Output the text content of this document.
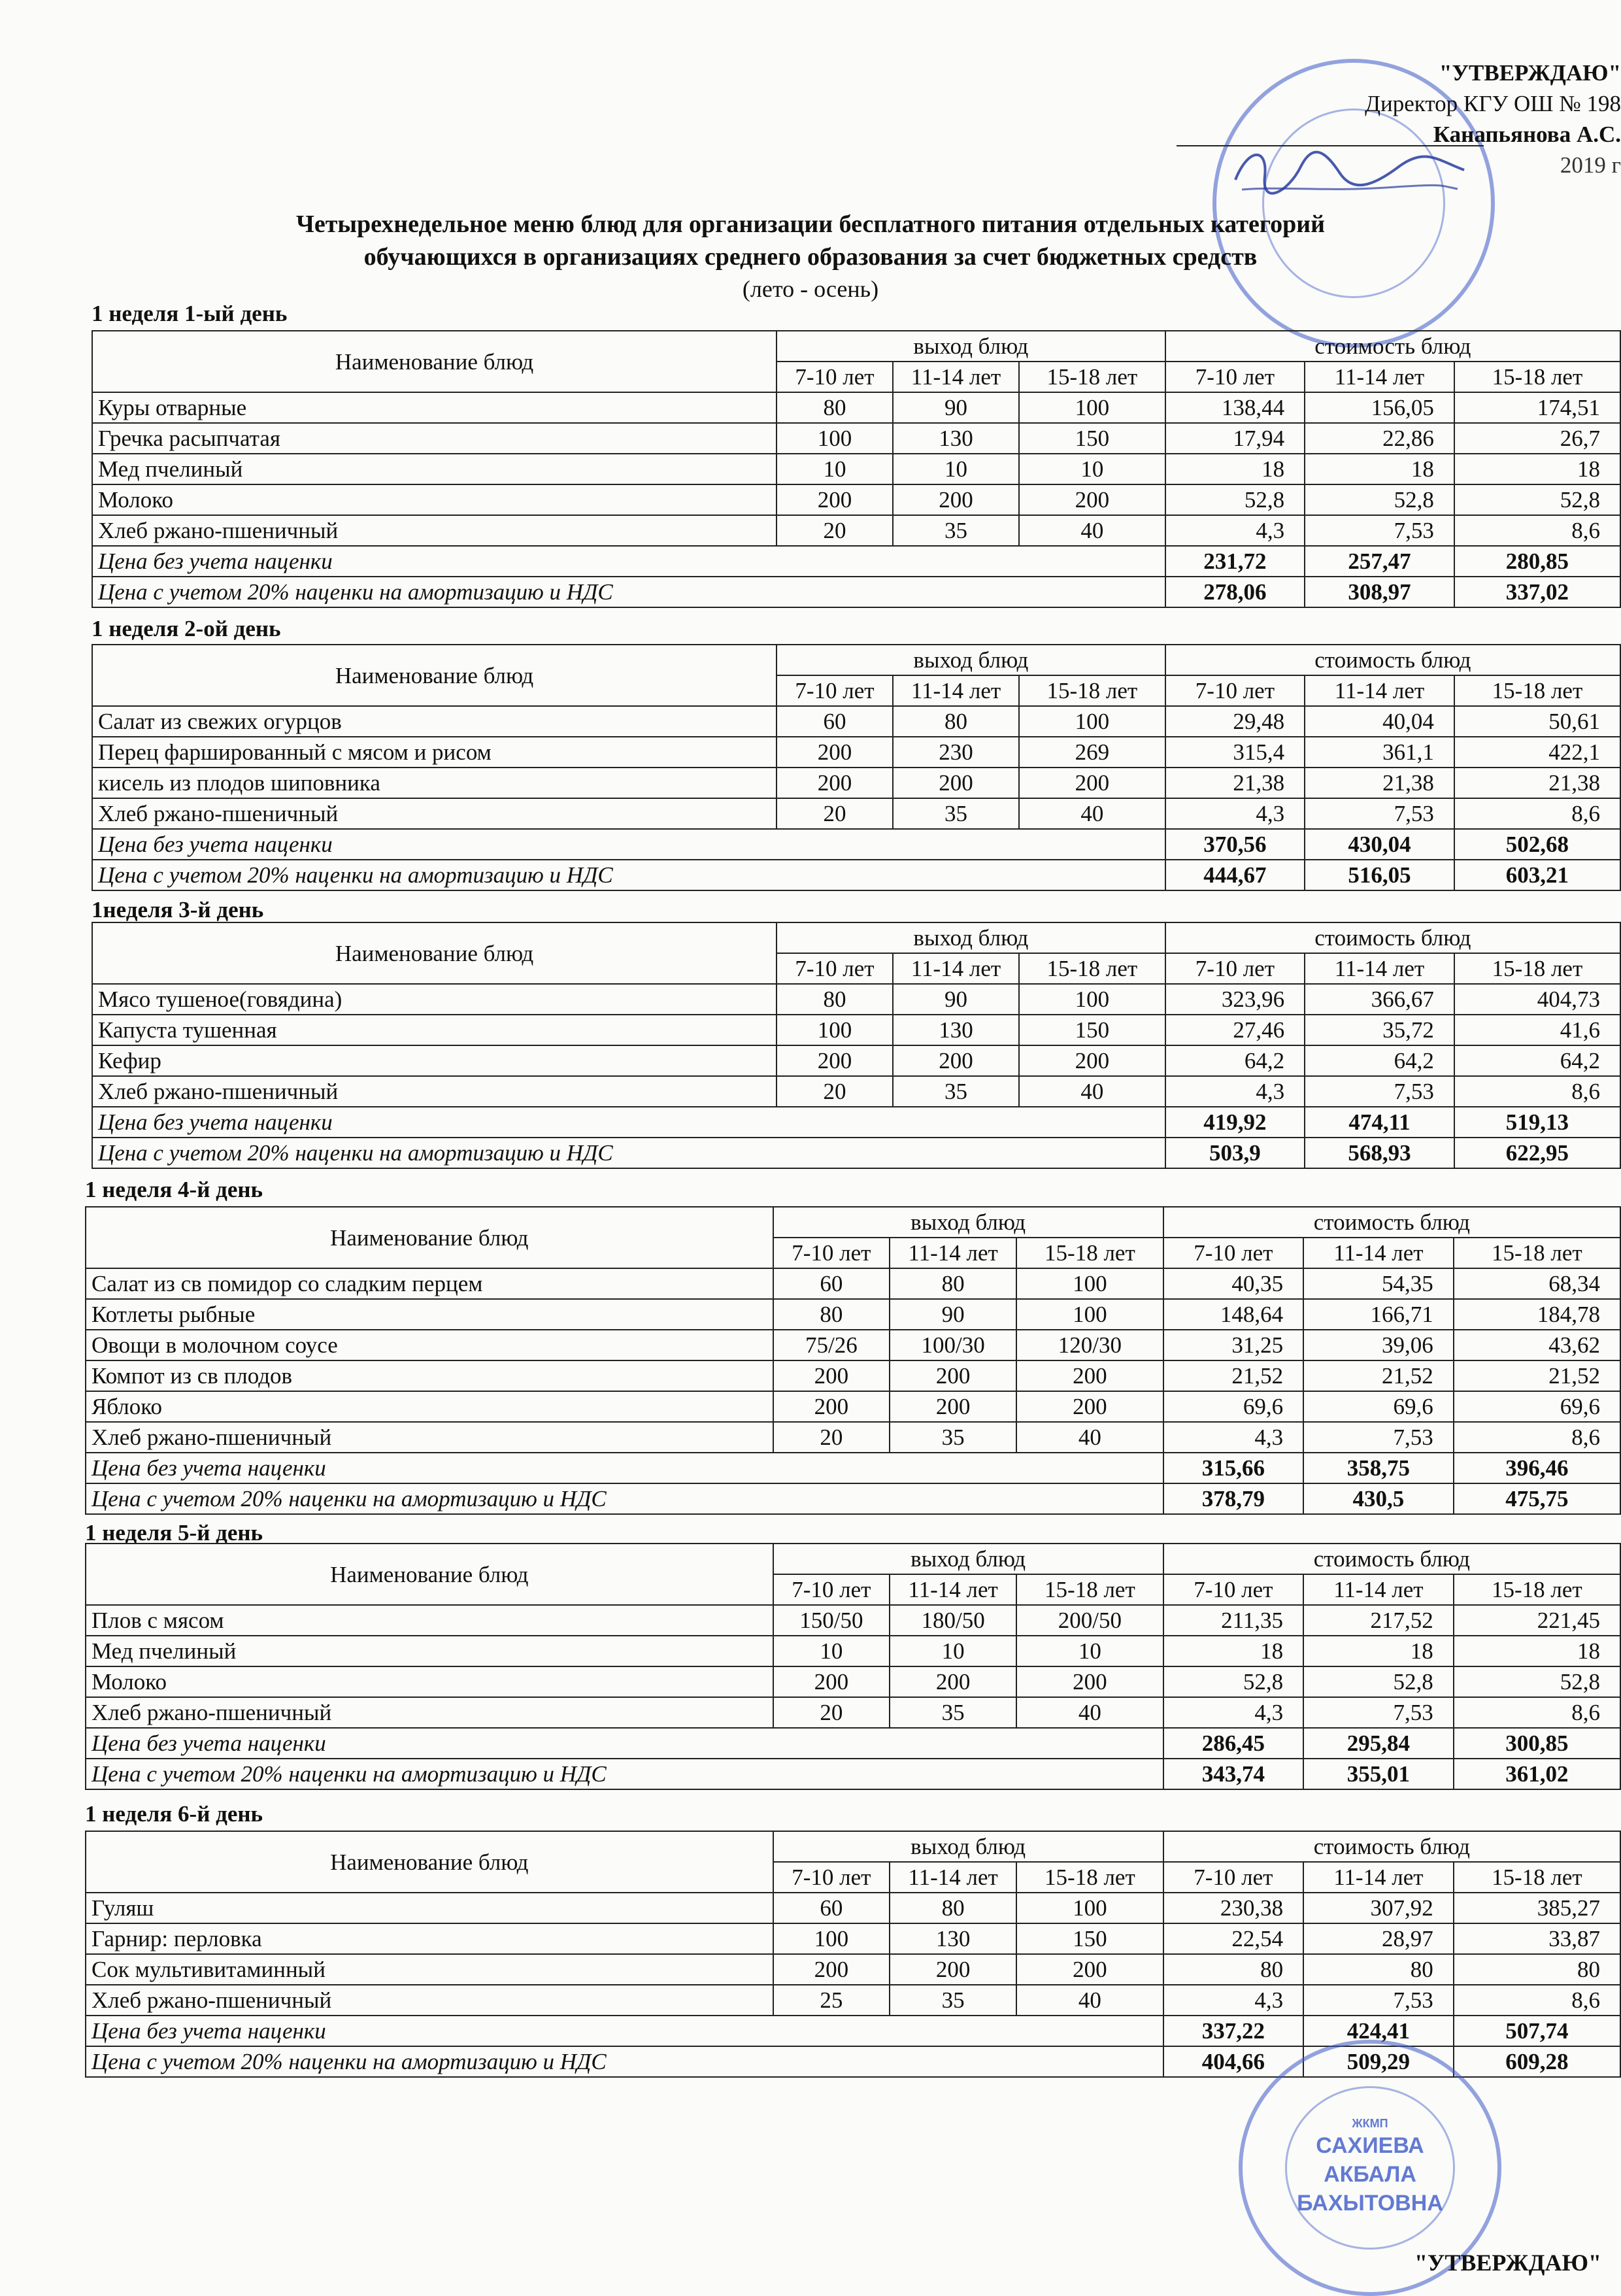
"УТВЕРЖДАЮ"
Директор КГУ ОШ № 198
Канапьянова А.С.
2019 г
Четырехнедельное меню блюд для организации бесплатного питания отдельных категорий
обучающихся в организациях среднего образования за счет бюджетных средств
(лето - осень)
1 неделя 1-ый день
Наименование блюд	выход блюд			стоимость блюд		
	7-10 лет	11-14 лет	15-18 лет	7-10 лет	11-14 лет	15-18 лет
Куры отварные	80	90	100	138,44	156,05	174,51
Гречка расыпчатая	100	130	150	17,94	22,86	26,7
Мед пчелиный	10	10	10	18	18	18
Молоко	200	200	200	52,8	52,8	52,8
Хлеб ржано-пшеничный	20	35	40	4,3	7,53	8,6
Цена без учета наценки				231,72	257,47	280,85
Цена с учетом 20% наценки на амортизацию и НДС				278,06	308,97	337,02
1 неделя 2-ой день
Наименование блюд	выход блюд			стоимость блюд		
	7-10 лет	11-14 лет	15-18 лет	7-10 лет	11-14 лет	15-18 лет
Салат из свежих огурцов	60	80	100	29,48	40,04	50,61
Перец фаршированный с мясом и рисом	200	230	269	315,4	361,1	422,1
кисель из плодов шиповника	200	200	200	21,38	21,38	21,38
Хлеб ржано-пшеничный	20	35	40	4,3	7,53	8,6
Цена без учета наценки				370,56	430,04	502,68
Цена с учетом 20% наценки на амортизацию и НДС				444,67	516,05	603,21
1неделя 3-й день
Наименование блюд	выход блюд			стоимость блюд		
	7-10 лет	11-14 лет	15-18 лет	7-10 лет	11-14 лет	15-18 лет
Мясо тушеное(говядина)	80	90	100	323,96	366,67	404,73
Капуста тушенная	100	130	150	27,46	35,72	41,6
Кефир	200	200	200	64,2	64,2	64,2
Хлеб ржано-пшеничный	20	35	40	4,3	7,53	8,6
Цена без учета наценки				419,92	474,11	519,13
Цена с учетом 20% наценки на амортизацию и НДС				503,9	568,93	622,95
1 неделя 4-й день
Наименование блюд	выход блюд			стоимость блюд		
	7-10 лет	11-14 лет	15-18 лет	7-10 лет	11-14 лет	15-18 лет
Салат из св помидор со сладким перцем	60	80	100	40,35	54,35	68,34
Котлеты рыбные	80	90	100	148,64	166,71	184,78
Овощи в молочном соусе	75/26	100/30	120/30	31,25	39,06	43,62
Компот из св плодов	200	200	200	21,52	21,52	21,52
Яблоко	200	200	200	69,6	69,6	69,6
Хлеб ржано-пшеничный	20	35	40	4,3	7,53	8,6
Цена без учета наценки				315,66	358,75	396,46
Цена с учетом 20% наценки на амортизацию и НДС				378,79	430,5	475,75
1 неделя 5-й день
Наименование блюд	выход блюд			стоимость блюд		
	7-10 лет	11-14 лет	15-18 лет	7-10 лет	11-14 лет	15-18 лет
Плов с мясом	150/50	180/50	200/50	211,35	217,52	221,45
Мед пчелиный	10	10	10	18	18	18
Молоко	200	200	200	52,8	52,8	52,8
Хлеб ржано-пшеничный	20	35	40	4,3	7,53	8,6
Цена без учета наценки				286,45	295,84	300,85
Цена с учетом 20% наценки на амортизацию и НДС				343,74	355,01	361,02
1 неделя 6-й день
Наименование блюд	выход блюд			стоимость блюд		
	7-10 лет	11-14 лет	15-18 лет	7-10 лет	11-14 лет	15-18 лет
Гуляш	60	80	100	230,38	307,92	385,27
Гарнир: перловка	100	130	150	22,54	28,97	33,87
Сок мультивитаминный	200	200	200	80	80	80
Хлеб ржано-пшеничный	25	35	40	4,3	7,53	8,6
Цена без учета наценки				337,22	424,41	507,74
Цена с учетом 20% наценки на амортизацию и НДС				404,66	509,29	609,28
ЖКМП
САХИЕВА
АКБАЛА
БАХЫТОВНА
"УТВЕРЖДАЮ"
